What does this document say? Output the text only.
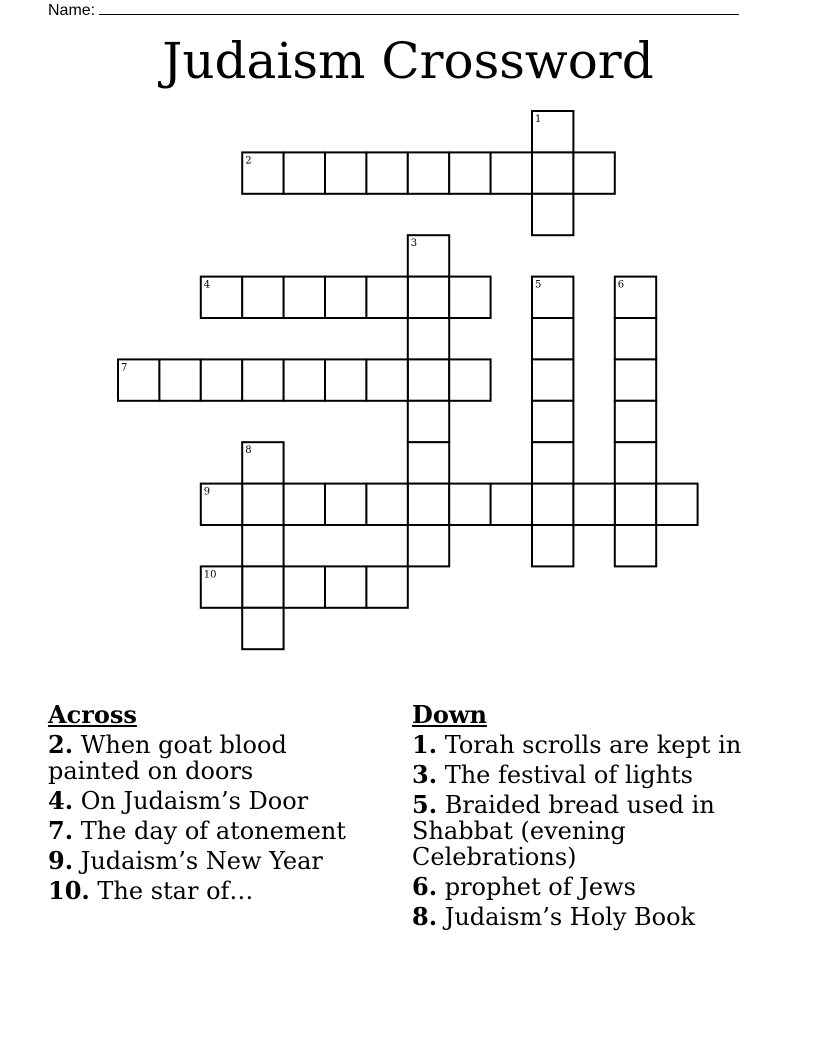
Name:
Judaism Crossword
1
2
3
4	5	6
7
8
9
10
Across
2. When goat blood painted on doors
4. On Judaism’s Door
7. The day of atonement
9. Judaism’s New Year
10. The star of…
Down
1. Torah scrolls are kept in
3. The festival of lights
5. Braided bread used in Shabbat (evening Celebrations)
6. prophet of Jews
8. Judaism’s Holy Book
